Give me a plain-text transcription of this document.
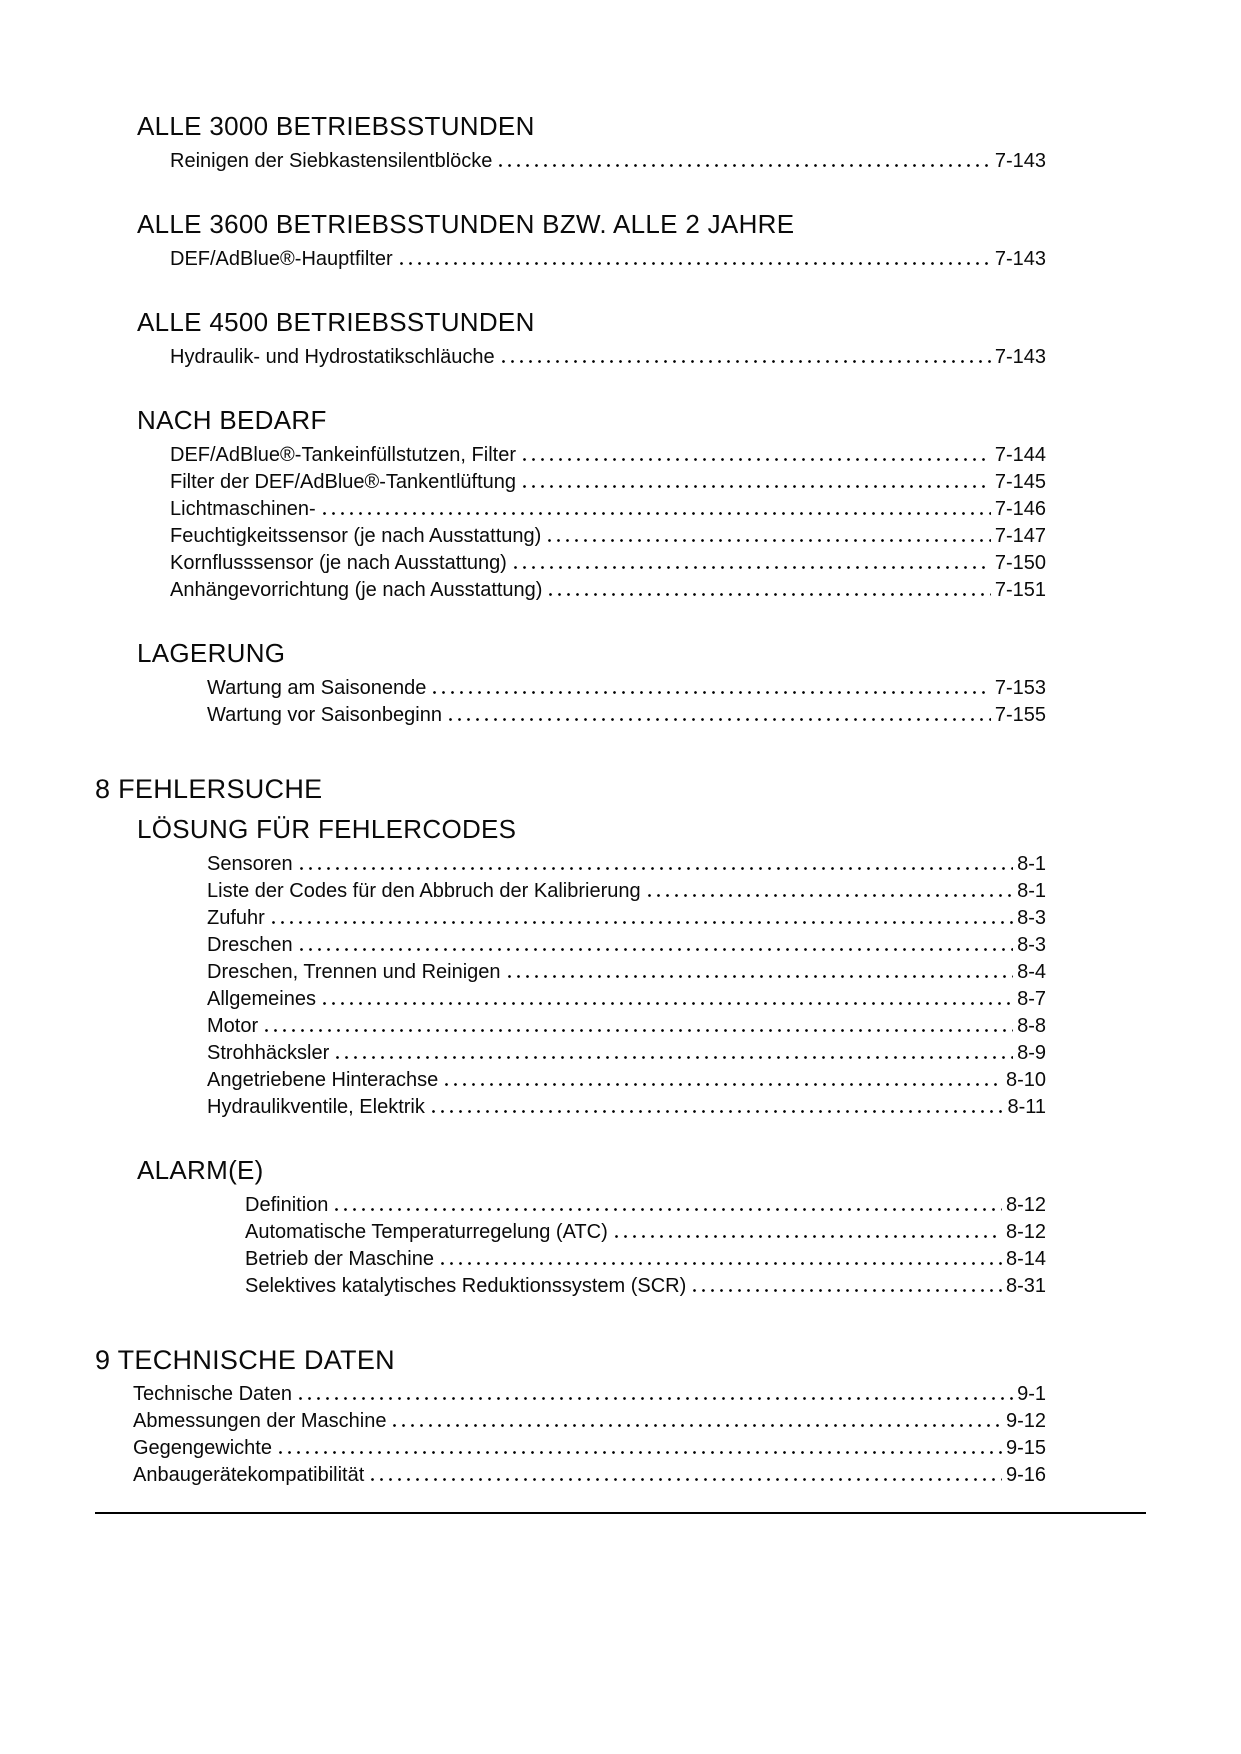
ALLE 3000 BETRIEBSSTUNDEN
Reinigen der Siebkastensilentblöcke	7-143
ALLE 3600 BETRIEBSSTUNDEN BZW. ALLE 2 JAHRE
DEF/AdBlue®-Hauptfilter	7-143
ALLE 4500 BETRIEBSSTUNDEN
Hydraulik- und Hydrostatikschläuche	7-143
NACH BEDARF
DEF/AdBlue®-Tankeinfüllstutzen, Filter	7-144
Filter der DEF/AdBlue®-Tankentlüftung	7-145
Lichtmaschinen-	7-146
Feuchtigkeitssensor (je nach Ausstattung)	7-147
Kornflusssensor (je nach Ausstattung)	7-150
Anhängevorrichtung (je nach Ausstattung)	7-151
LAGERUNG
Wartung am Saisonende	7-153
Wartung vor Saisonbeginn	7-155
8 FEHLERSUCHE
LÖSUNG FÜR FEHLERCODES
Sensoren	8-1
Liste der Codes für den Abbruch der Kalibrierung	8-1
Zufuhr	8-3
Dreschen	8-3
Dreschen, Trennen und Reinigen	8-4
Allgemeines	8-7
Motor	8-8
Strohhäcksler	8-9
Angetriebene Hinterachse	8-10
Hydraulikventile, Elektrik	8-11
ALARM(E)
Definition	8-12
Automatische Temperaturregelung (ATC)	8-12
Betrieb der Maschine	8-14
Selektives katalytisches Reduktionssystem (SCR)	8-31
9 TECHNISCHE DATEN
Technische Daten	9-1
Abmessungen der Maschine	9-12
Gegengewichte	9-15
Anbaugerätekompatibilität	9-16
